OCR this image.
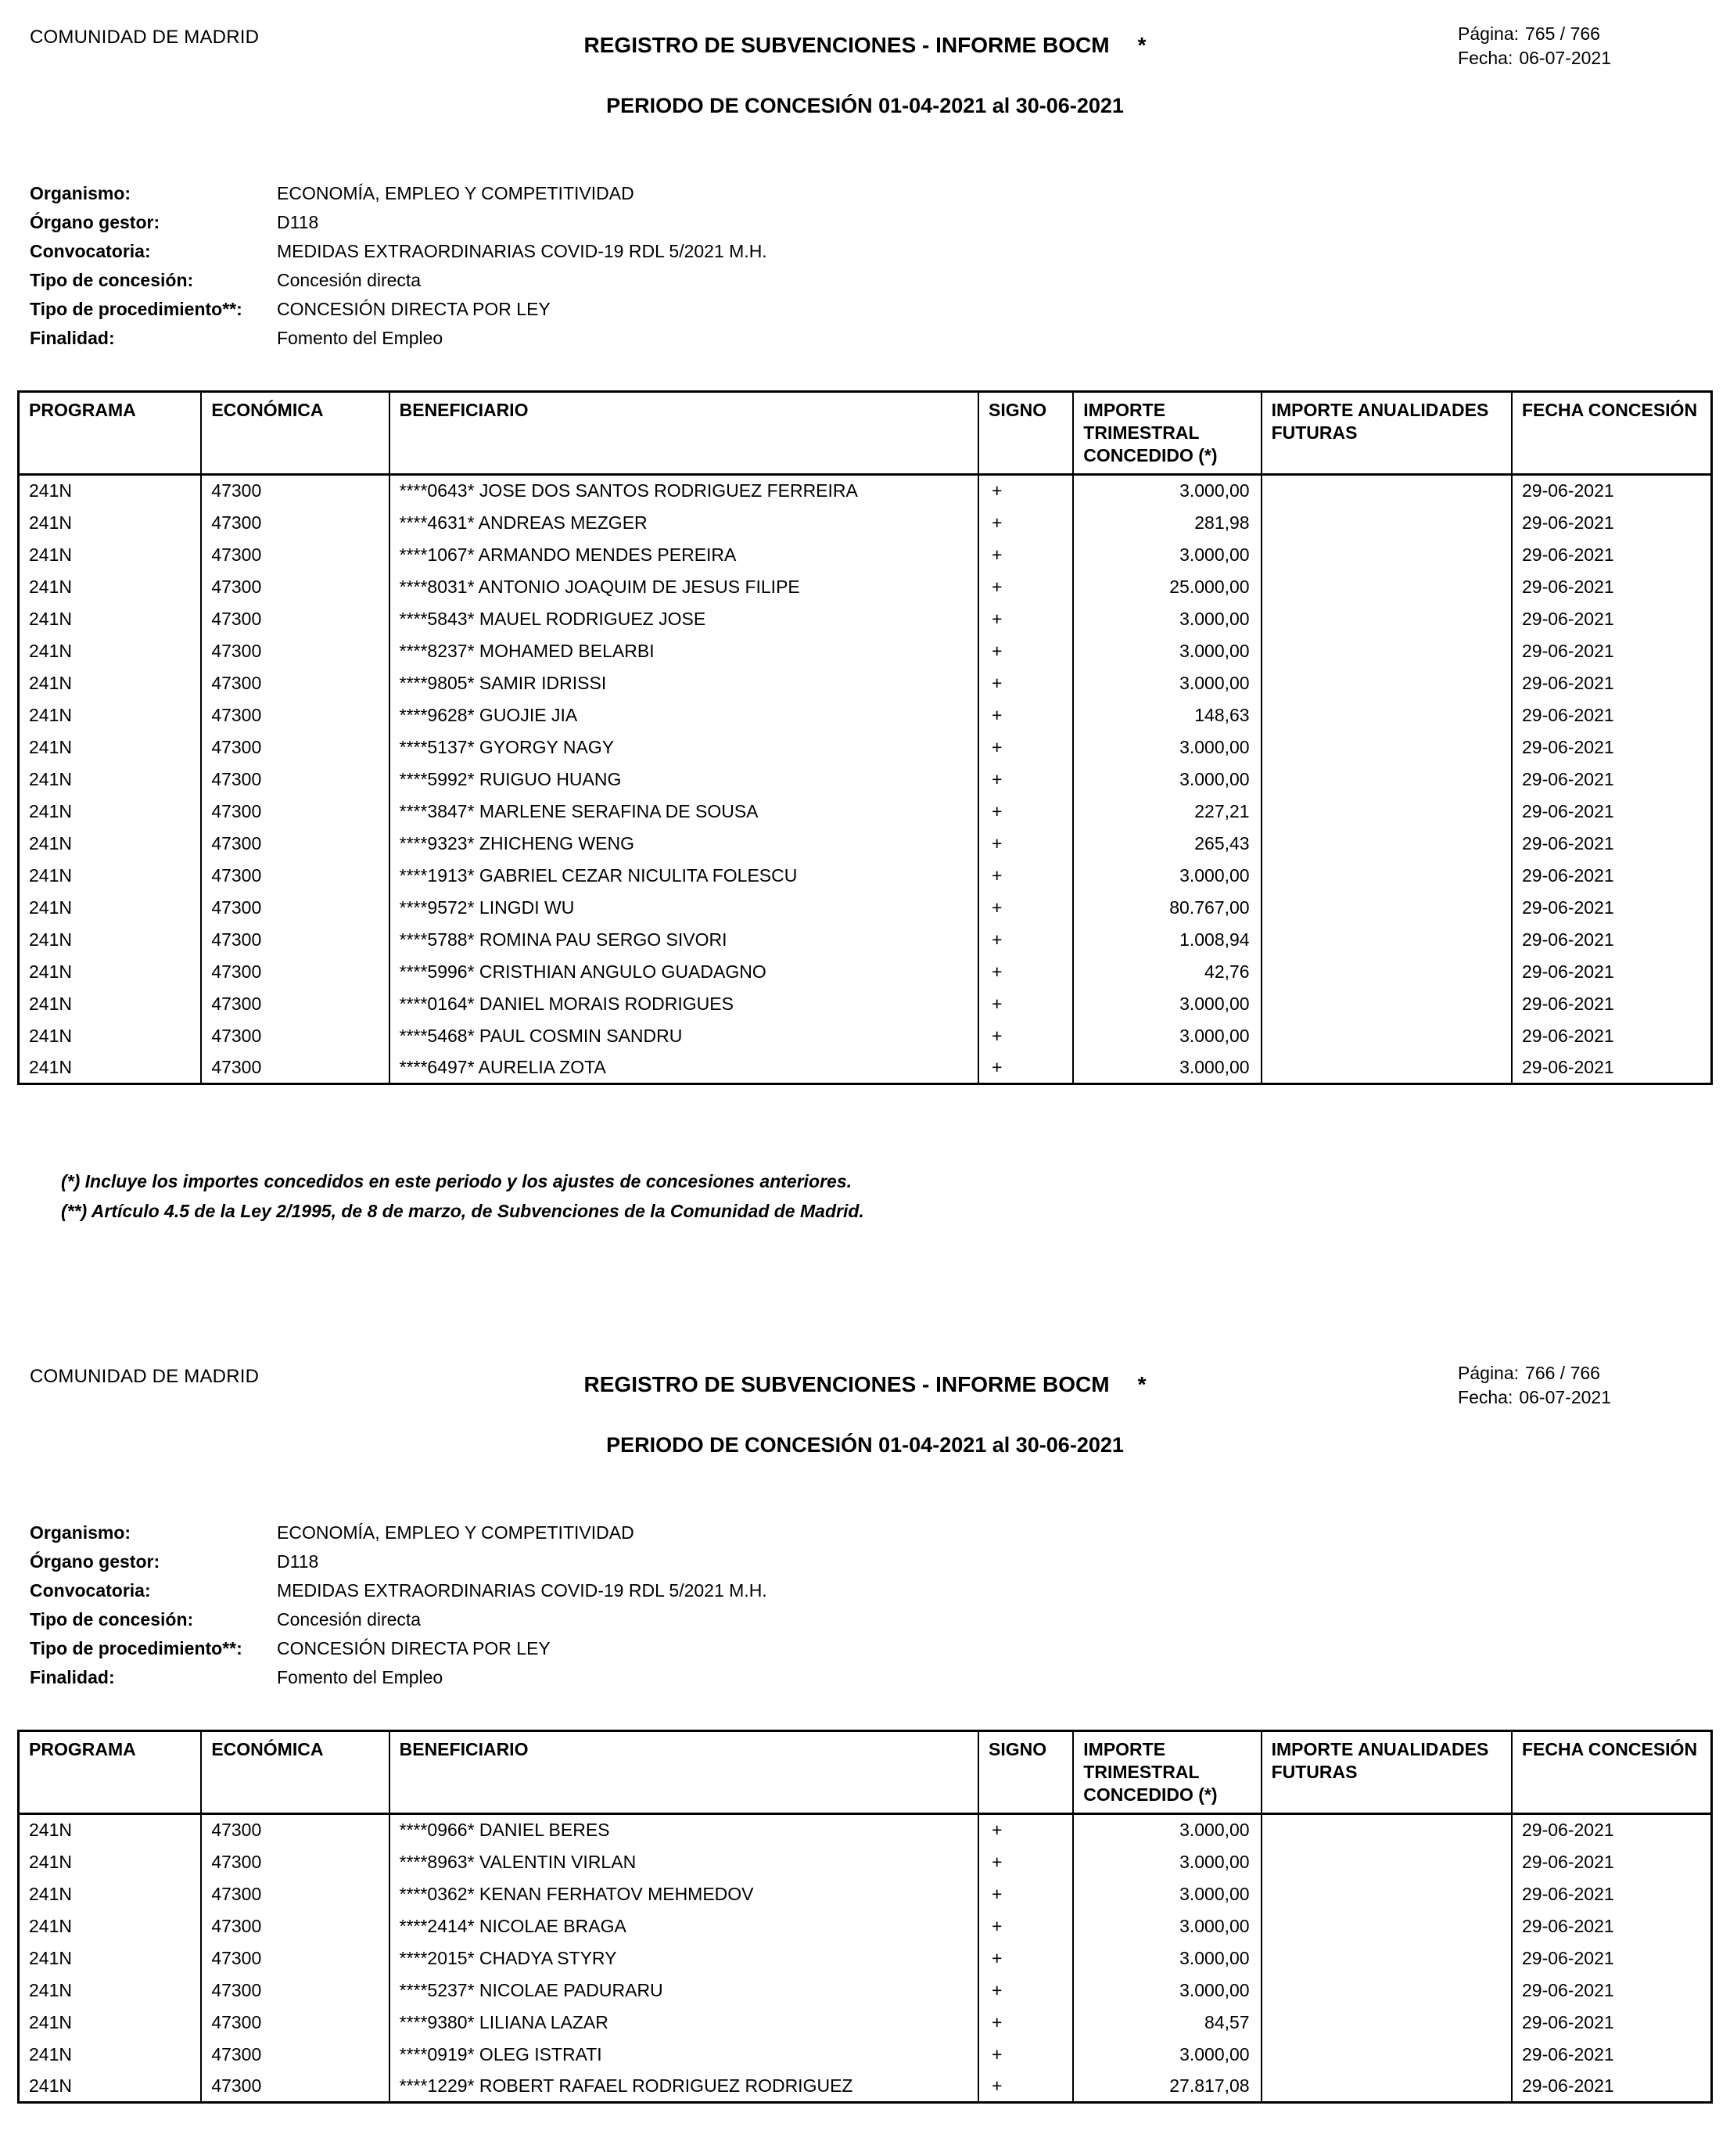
COMUNIDAD DE MADRID	REGISTRO DE SUBVENCIONES - INFORME BOCM *	Página: 765 / 766
Fecha: 06-07-2021
PERIODO DE CONCESIÓN 01-04-2021 al 30-06-2021
Organismo:	ECONOMÍA, EMPLEO Y COMPETITIVIDAD
Órgano gestor:	D118
Convocatoria:	MEDIDAS EXTRAORDINARIAS COVID-19 RDL 5/2021 M.H.
Tipo de concesión:	Concesión directa
Tipo de procedimiento**:	CONCESIÓN DIRECTA POR LEY
Finalidad:	Fomento del Empleo
PROGRAMA	ECONÓMICA	BENEFICIARIO	SIGNO	IMPORTE TRIMESTRAL CONCEDIDO (*)	IMPORTE ANUALIDADES FUTURAS	FECHA CONCESIÓN
241N	47300	****0643* JOSE DOS SANTOS RODRIGUEZ FERREIRA	+	3.000,00		29-06-2021
241N	47300	****4631* ANDREAS MEZGER	+	281,98		29-06-2021
241N	47300	****1067* ARMANDO MENDES PEREIRA	+	3.000,00		29-06-2021
241N	47300	****8031* ANTONIO JOAQUIM DE JESUS FILIPE	+	25.000,00		29-06-2021
241N	47300	****5843* MAUEL RODRIGUEZ JOSE	+	3.000,00		29-06-2021
241N	47300	****8237* MOHAMED BELARBI	+	3.000,00		29-06-2021
241N	47300	****9805* SAMIR IDRISSI	+	3.000,00		29-06-2021
241N	47300	****9628* GUOJIE JIA	+	148,63		29-06-2021
241N	47300	****5137* GYORGY NAGY	+	3.000,00		29-06-2021
241N	47300	****5992* RUIGUO HUANG	+	3.000,00		29-06-2021
241N	47300	****3847* MARLENE SERAFINA DE SOUSA	+	227,21		29-06-2021
241N	47300	****9323* ZHICHENG WENG	+	265,43		29-06-2021
241N	47300	****1913* GABRIEL CEZAR NICULITA FOLESCU	+	3.000,00		29-06-2021
241N	47300	****9572* LINGDI WU	+	80.767,00		29-06-2021
241N	47300	****5788* ROMINA PAU SERGO SIVORI	+	1.008,94		29-06-2021
241N	47300	****5996* CRISTHIAN ANGULO GUADAGNO	+	42,76		29-06-2021
241N	47300	****0164* DANIEL MORAIS RODRIGUES	+	3.000,00		29-06-2021
241N	47300	****5468* PAUL COSMIN SANDRU	+	3.000,00		29-06-2021
241N	47300	****6497* AURELIA ZOTA	+	3.000,00		29-06-2021
(*) Incluye los importes concedidos en este periodo y los ajustes de concesiones anteriores.
(**) Artículo 4.5 de la Ley 2/1995, de 8 de marzo, de Subvenciones de la Comunidad de Madrid.
COMUNIDAD DE MADRID	REGISTRO DE SUBVENCIONES - INFORME BOCM *	Página: 766 / 766
Fecha: 06-07-2021
PERIODO DE CONCESIÓN 01-04-2021 al 30-06-2021
Organismo:	ECONOMÍA, EMPLEO Y COMPETITIVIDAD
Órgano gestor:	D118
Convocatoria:	MEDIDAS EXTRAORDINARIAS COVID-19 RDL 5/2021 M.H.
Tipo de concesión:	Concesión directa
Tipo de procedimiento**:	CONCESIÓN DIRECTA POR LEY
Finalidad:	Fomento del Empleo
PROGRAMA	ECONÓMICA	BENEFICIARIO	SIGNO	IMPORTE TRIMESTRAL CONCEDIDO (*)	IMPORTE ANUALIDADES FUTURAS	FECHA CONCESIÓN
241N	47300	****0966* DANIEL BERES	+	3.000,00		29-06-2021
241N	47300	****8963* VALENTIN VIRLAN	+	3.000,00		29-06-2021
241N	47300	****0362* KENAN FERHATOV MEHMEDOV	+	3.000,00		29-06-2021
241N	47300	****2414* NICOLAE BRAGA	+	3.000,00		29-06-2021
241N	47300	****2015* CHADYA STYRY	+	3.000,00		29-06-2021
241N	47300	****5237* NICOLAE PADURARU	+	3.000,00		29-06-2021
241N	47300	****9380* LILIANA LAZAR	+	84,57		29-06-2021
241N	47300	****0919* OLEG ISTRATI	+	3.000,00		29-06-2021
241N	47300	****1229* ROBERT RAFAEL RODRIGUEZ RODRIGUEZ	+	27.817,08		29-06-2021
